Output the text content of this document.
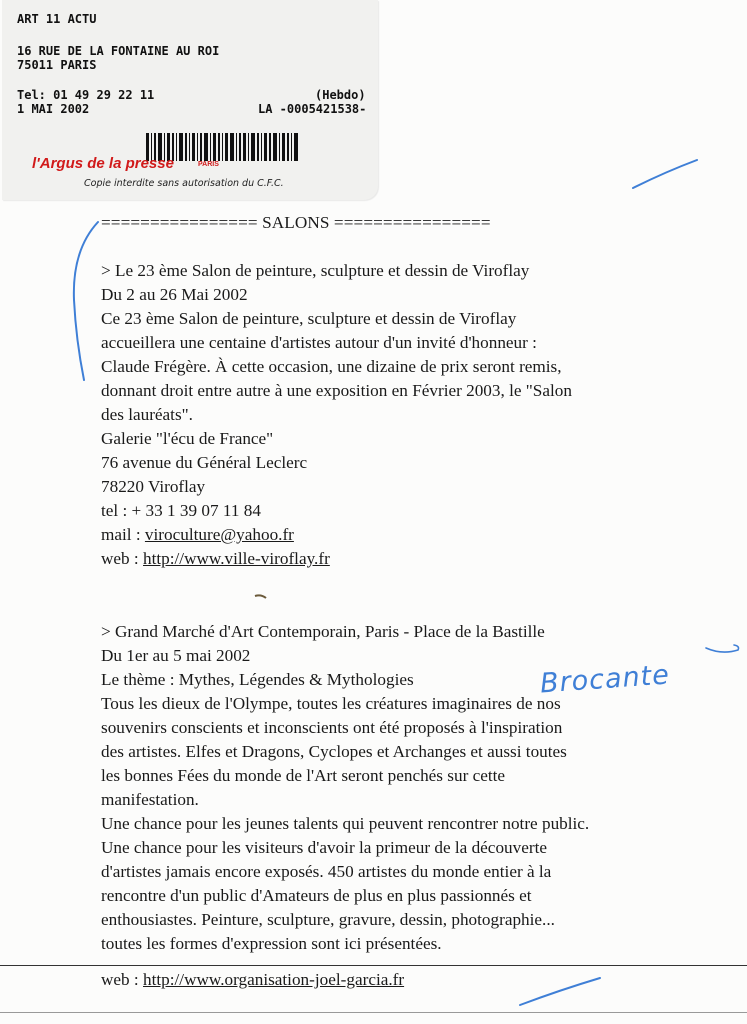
ART 11 ACTU
16 RUE DE LA FONTAINE AU ROI
75011 PARIS
Tel: 01 49 29 22 11	(Hebdo)
1 MAI 2002	LA -0005421538-
l'Argus de la presse	PARIS
Copie interdite sans autorisation du C.F.C.
================ SALONS ================
> Le 23 ème Salon de peinture, sculpture et dessin de Viroflay
Du 2 au 26 Mai 2002
Ce 23 ème Salon de peinture, sculpture et dessin de Viroflay
accueillera une centaine d'artistes autour d'un invité d'honneur :
Claude Frégère. À cette occasion, une dizaine de prix seront remis,
donnant droit entre autre à une exposition en Février 2003, le "Salon
des lauréats".
Galerie "l'écu de France"
76 avenue du Général Leclerc
78220 Viroflay
tel : + 33 1 39 07 11 84
mail : viroculture@yahoo.fr
web : http://www.ville-viroflay.fr
> Grand Marché d'Art Contemporain, Paris - Place de la Bastille
Du 1er au 5 mai 2002
Le thème : Mythes, Légendes & Mythologies
Tous les dieux de l'Olympe, toutes les créatures imaginaires de nos
souvenirs conscients et inconscients ont été proposés à l'inspiration
des artistes. Elfes et Dragons, Cyclopes et Archanges et aussi toutes
les bonnes Fées du monde de l'Art seront penchés sur cette
manifestation.
Une chance pour les jeunes talents qui peuvent rencontrer notre public.
Une chance pour les visiteurs d'avoir la primeur de la découverte
d'artistes jamais encore exposés. 450 artistes du monde entier à la
rencontre d'un public d'Amateurs de plus en plus passionnés et
enthousiastes. Peinture, sculpture, gravure, dessin, photographie...
toutes les formes d'expression sont ici présentées.
web : http://www.organisation-joel-garcia.fr
Brocante
